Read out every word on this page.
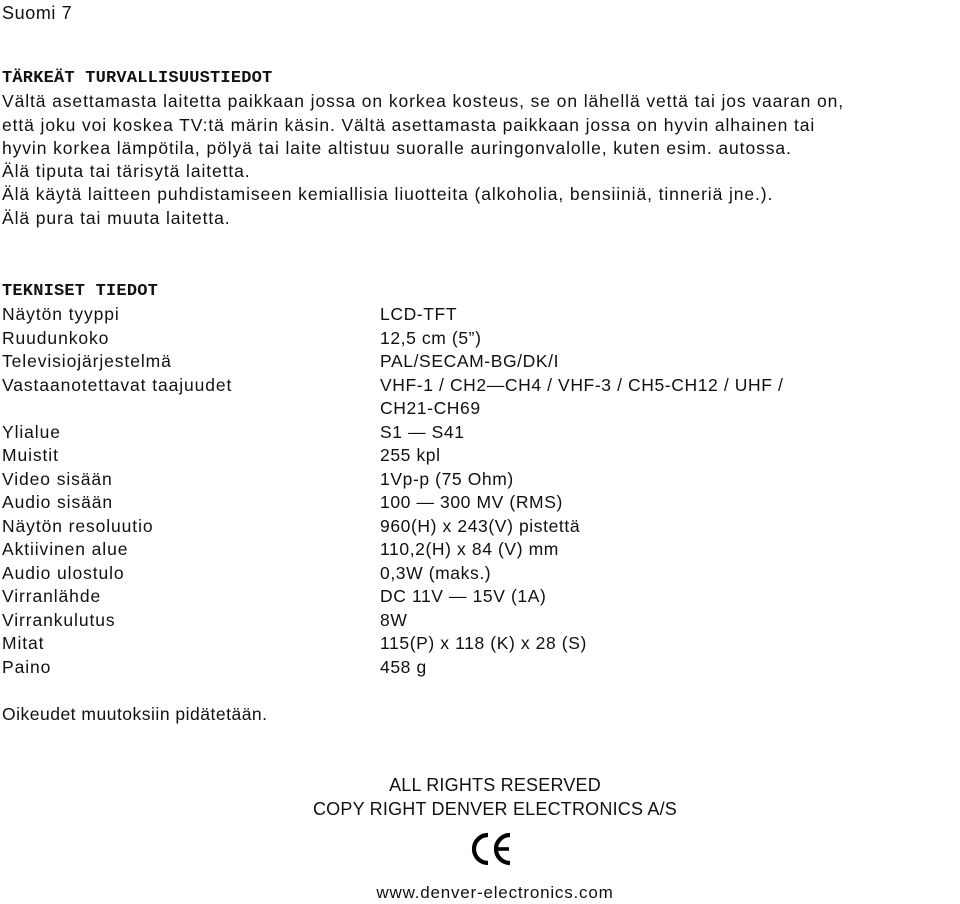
Suomi 7
TÄRKEÄT TURVALLISUUSTIEDOT

Vältä asettamasta laitetta paikkaan jossa on korkea kosteus, se on lähellä vettä tai jos vaaran on,

että joku voi koskea TV:tä märin käsin. Vältä asettamasta paikkaan jossa on hyvin alhainen tai

hyvin korkea lämpötila, pölyä tai laite altistuu suoralle auringonvalolle, kuten esim. autossa.

Älä tiputa tai tärisytä laitetta.

Älä käytä laitteen puhdistamiseen kemiallisia liuotteita (alkoholia, bensiiniä, tinneriä jne.).

Älä pura tai muuta laitetta.

TEKNISET TIEDOT
Näytön tyyppi	LCD-TFT
Ruudunkoko	12,5 cm (5”)
Televisiojärjestelmä	PAL/SECAM-BG/DK/I
Vastaanotettavat taajuudet	VHF-1 / CH2—CH4 / VHF-3 / CH5-CH12 / UHF /
	CH21-CH69
Ylialue	S1 — S41
Muistit	255 kpl
Video sisään	1Vp-p (75 Ohm)
Audio sisään	100 — 300 MV (RMS)
Näytön resoluutio	960(H) x 243(V) pistettä
Aktiivinen alue	110,2(H) x 84 (V) mm
Audio ulostulo	0,3W (maks.)
Virranlähde	DC 11V — 15V (1A)
Virrankulutus	8W
Mitat	115(P) x 118 (K) x 28 (S)
Paino	458 g
Oikeudet muutoksiin pidätetään.
ALL RIGHTS RESERVED
COPY RIGHT DENVER ELECTRONICS A/S
www.denver-electronics.com
